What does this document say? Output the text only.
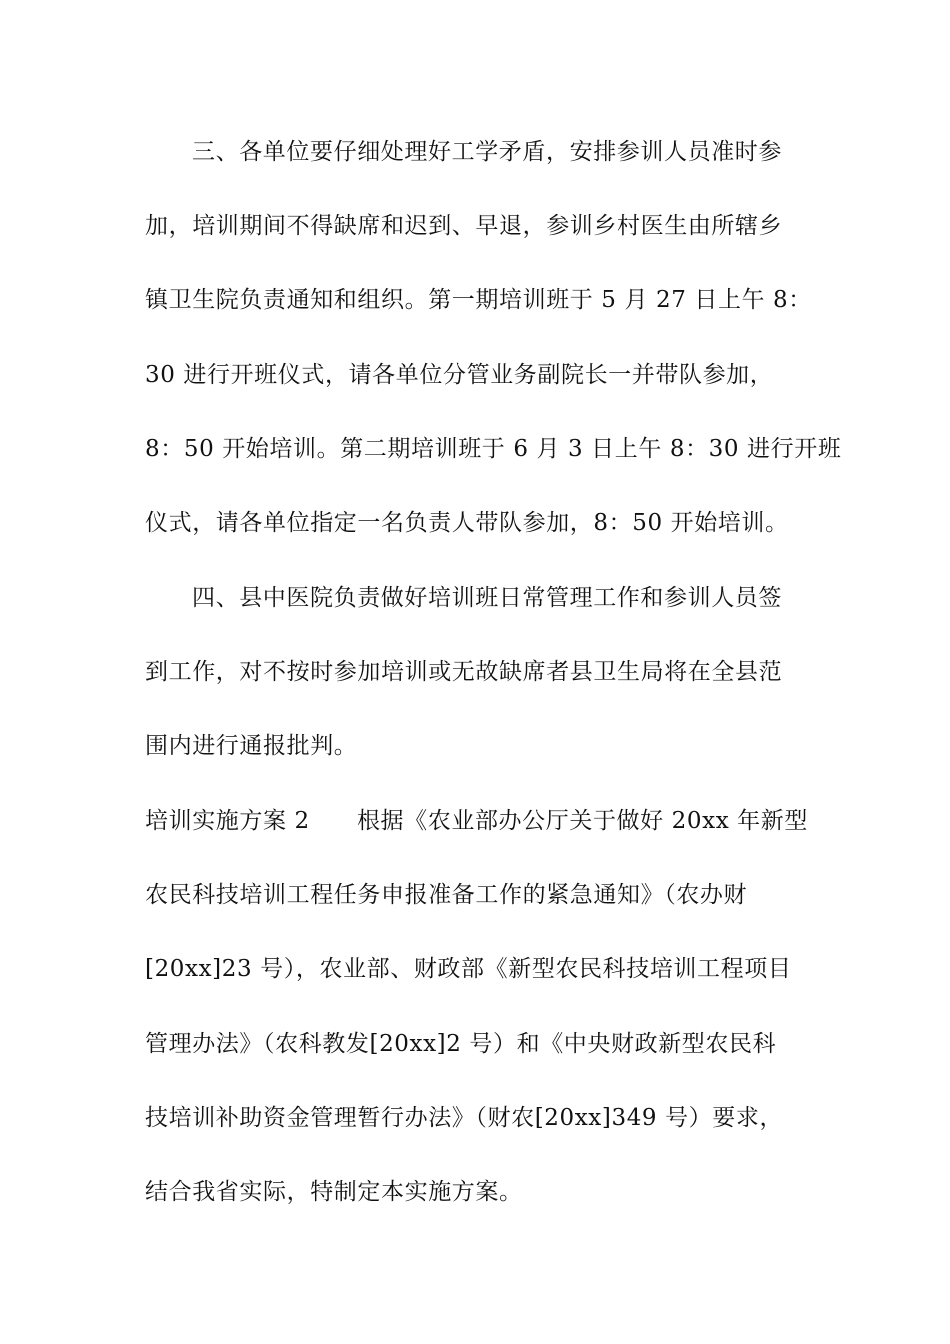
三、各单位要仔细处理好工学矛盾，安排参训人员准时参
加，培训期间不得缺席和迟到、早退，参训乡村医生由所辖乡
镇卫生院负责通知和组织。第一期培训班于 5 月 27 日上午 8：
30 进行开班仪式，请各单位分管业务副院长一并带队参加，
8：50 开始培训。第二期培训班于 6 月 3 日上午 8：30 进行开班
仪式，请各单位指定一名负责人带队参加，8：50 开始培训。
四、县中医院负责做好培训班日常管理工作和参训人员签
到工作，对不按时参加培训或无故缺席者县卫生局将在全县范
围内进行通报批判。
培训实施方案 2　　根据《农业部办公厅关于做好 20xx 年新型
农民科技培训工程任务申报准备工作的紧急通知》（农办财
[20xx]23 号），农业部、财政部《新型农民科技培训工程项目
管理办法》（农科教发[20xx]2 号）和《中央财政新型农民科
技培训补助资金管理暂行办法》（财农[20xx]349 号）要求，
结合我省实际，特制定本实施方案。
